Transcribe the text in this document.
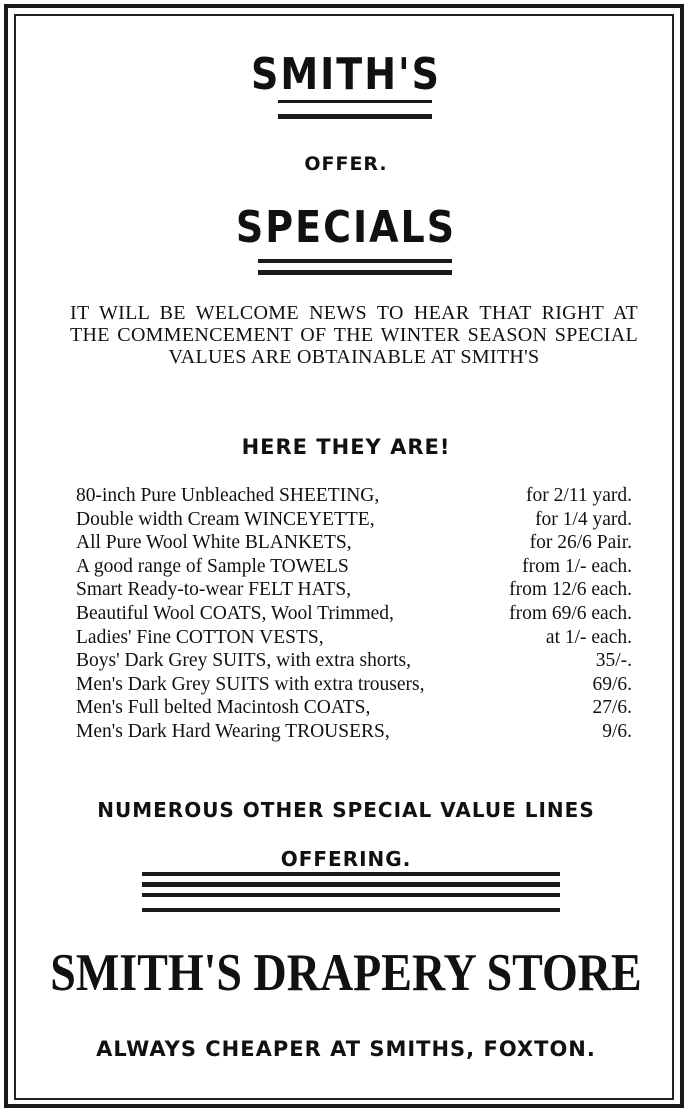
SMITH'S
OFFER.
SPECIALS
IT WILL BE WELCOME NEWS TO HEAR THAT RIGHT AT THE COMMENCEMENT OF THE WINTER SEASON SPECIAL VALUES ARE OBTAINABLE AT SMITH'S
HERE THEY ARE!
80-inch Pure Unbleached SHEETING,	for 2/11 yard.
Double width Cream WINCEYETTE,	for 1/4 yard.
All Pure Wool White BLANKETS,	for 26/6 Pair.
A good range of Sample TOWELS	from 1/- each.
Smart Ready-to-wear FELT HATS,	from 12/6 each.
Beautiful Wool COATS, Wool Trimmed,	from 69/6 each.
Ladies' Fine COTTON VESTS,	at 1/- each.
Boys' Dark Grey SUITS, with extra shorts,	35/-.
Men's Dark Grey SUITS with extra trousers,	69/6.
Men's Full belted Macintosh COATS,	27/6.
Men's Dark Hard Wearing TROUSERS,	9/6.
NUMEROUS OTHER SPECIAL VALUE LINES
OFFERING.
SMITH'S DRAPERY STORE
ALWAYS CHEAPER AT SMITHS, FOXTON.
